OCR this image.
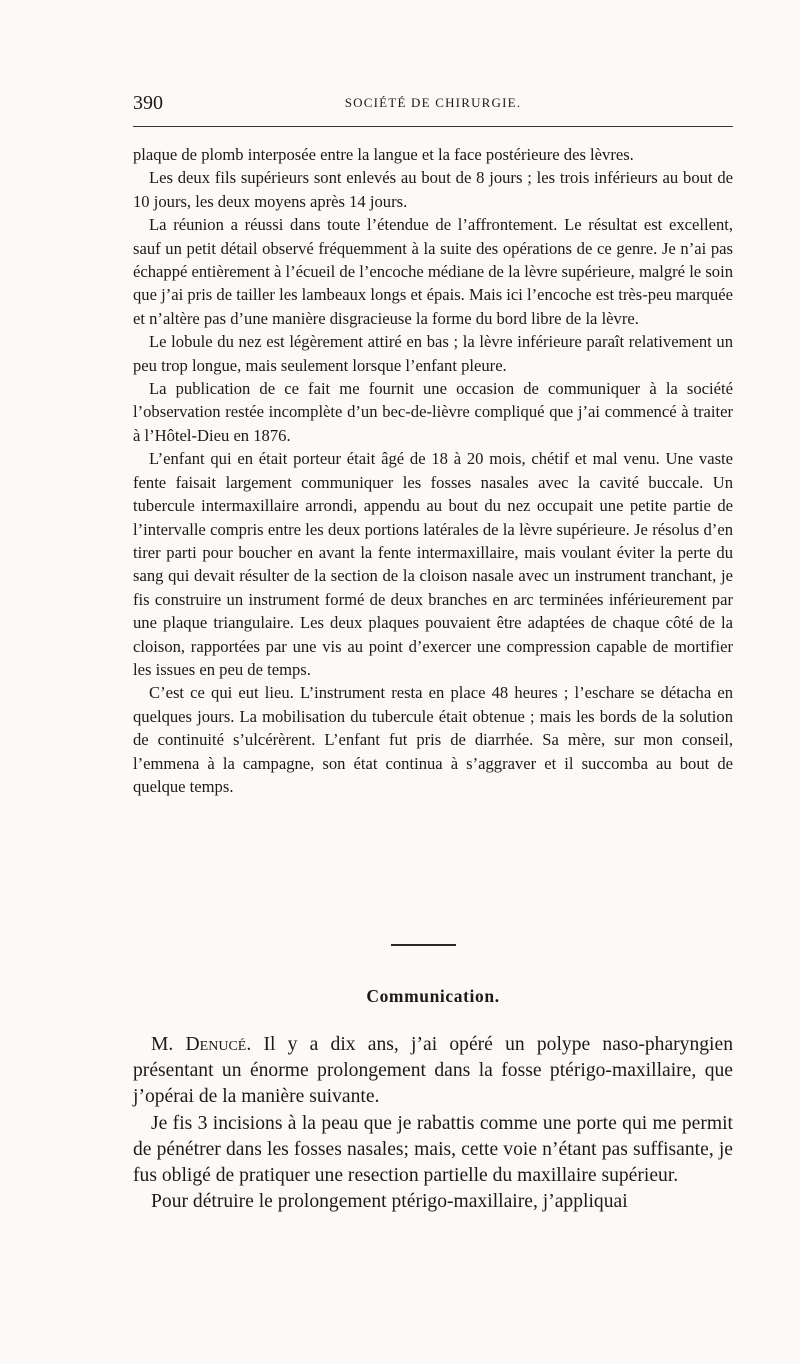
390	SOCIÉTÉ DE CHIRURGIE.

plaque de plomb interposée entre la langue et la face postérieure des lèvres.

Les deux fils supérieurs sont enlevés au bout de 8 jours ; les trois inférieurs au bout de 10 jours, les deux moyens après 14 jours.

La réunion a réussi dans toute l’étendue de l’affrontement. Le résultat est excellent, sauf un petit détail observé fréquemment à la suite des opérations de ce genre. Je n’ai pas échappé entièrement à l’écueil de l’encoche médiane de la lèvre supérieure, malgré le soin que j’ai pris de tailler les lambeaux longs et épais. Mais ici l’encoche est très-peu marquée et n’altère pas d’une manière disgracieuse la forme du bord libre de la lèvre.

Le lobule du nez est légèrement attiré en bas ; la lèvre inférieure paraît relativement un peu trop longue, mais seulement lorsque l’enfant pleure.

La publication de ce fait me fournit une occasion de communiquer à la société l’observation restée incomplète d’un bec-de-lièvre compliqué que j’ai commencé à traiter à l’Hôtel-Dieu en 1876.

L’enfant qui en était porteur était âgé de 18 à 20 mois, chétif et mal venu. Une vaste fente faisait largement communiquer les fosses nasales avec la cavité buccale. Un tubercule intermaxillaire arrondi, appendu au bout du nez occupait une petite partie de l’intervalle compris entre les deux portions latérales de la lèvre supérieure. Je résolus d’en tirer parti pour boucher en avant la fente intermaxillaire, mais voulant éviter la perte du sang qui devait résulter de la section de la cloison nasale avec un instrument tranchant, je fis construire un instrument formé de deux branches en arc terminées inférieurement par une plaque triangulaire. Les deux plaques pouvaient être adaptées de chaque côté de la cloison, rapportées par une vis au point d’exercer une compression capable de mortifier les issues en peu de temps.

C’est ce qui eut lieu. L’instrument resta en place 48 heures ; l’eschare se détacha en quelques jours. La mobilisation du tubercule était obtenue ; mais les bords de la solution de continuité s’ulcérèrent. L’enfant fut pris de diarrhée. Sa mère, sur mon conseil, l’emmena à la campagne, son état continua à s’aggraver et il succomba au bout de quelque temps.

Communication.

M. Denucé. Il y a dix ans, j’ai opéré un polype naso-pharyngien présentant un énorme prolongement dans la fosse ptérigo-maxillaire, que j’opérai de la manière suivante.

Je fis 3 incisions à la peau que je rabattis comme une porte qui me permit de pénétrer dans les fosses nasales; mais, cette voie n’étant pas suffisante, je fus obligé de pratiquer une resection partielle du maxillaire supérieur.

Pour détruire le prolongement ptérigo-maxillaire, j’appliquai
